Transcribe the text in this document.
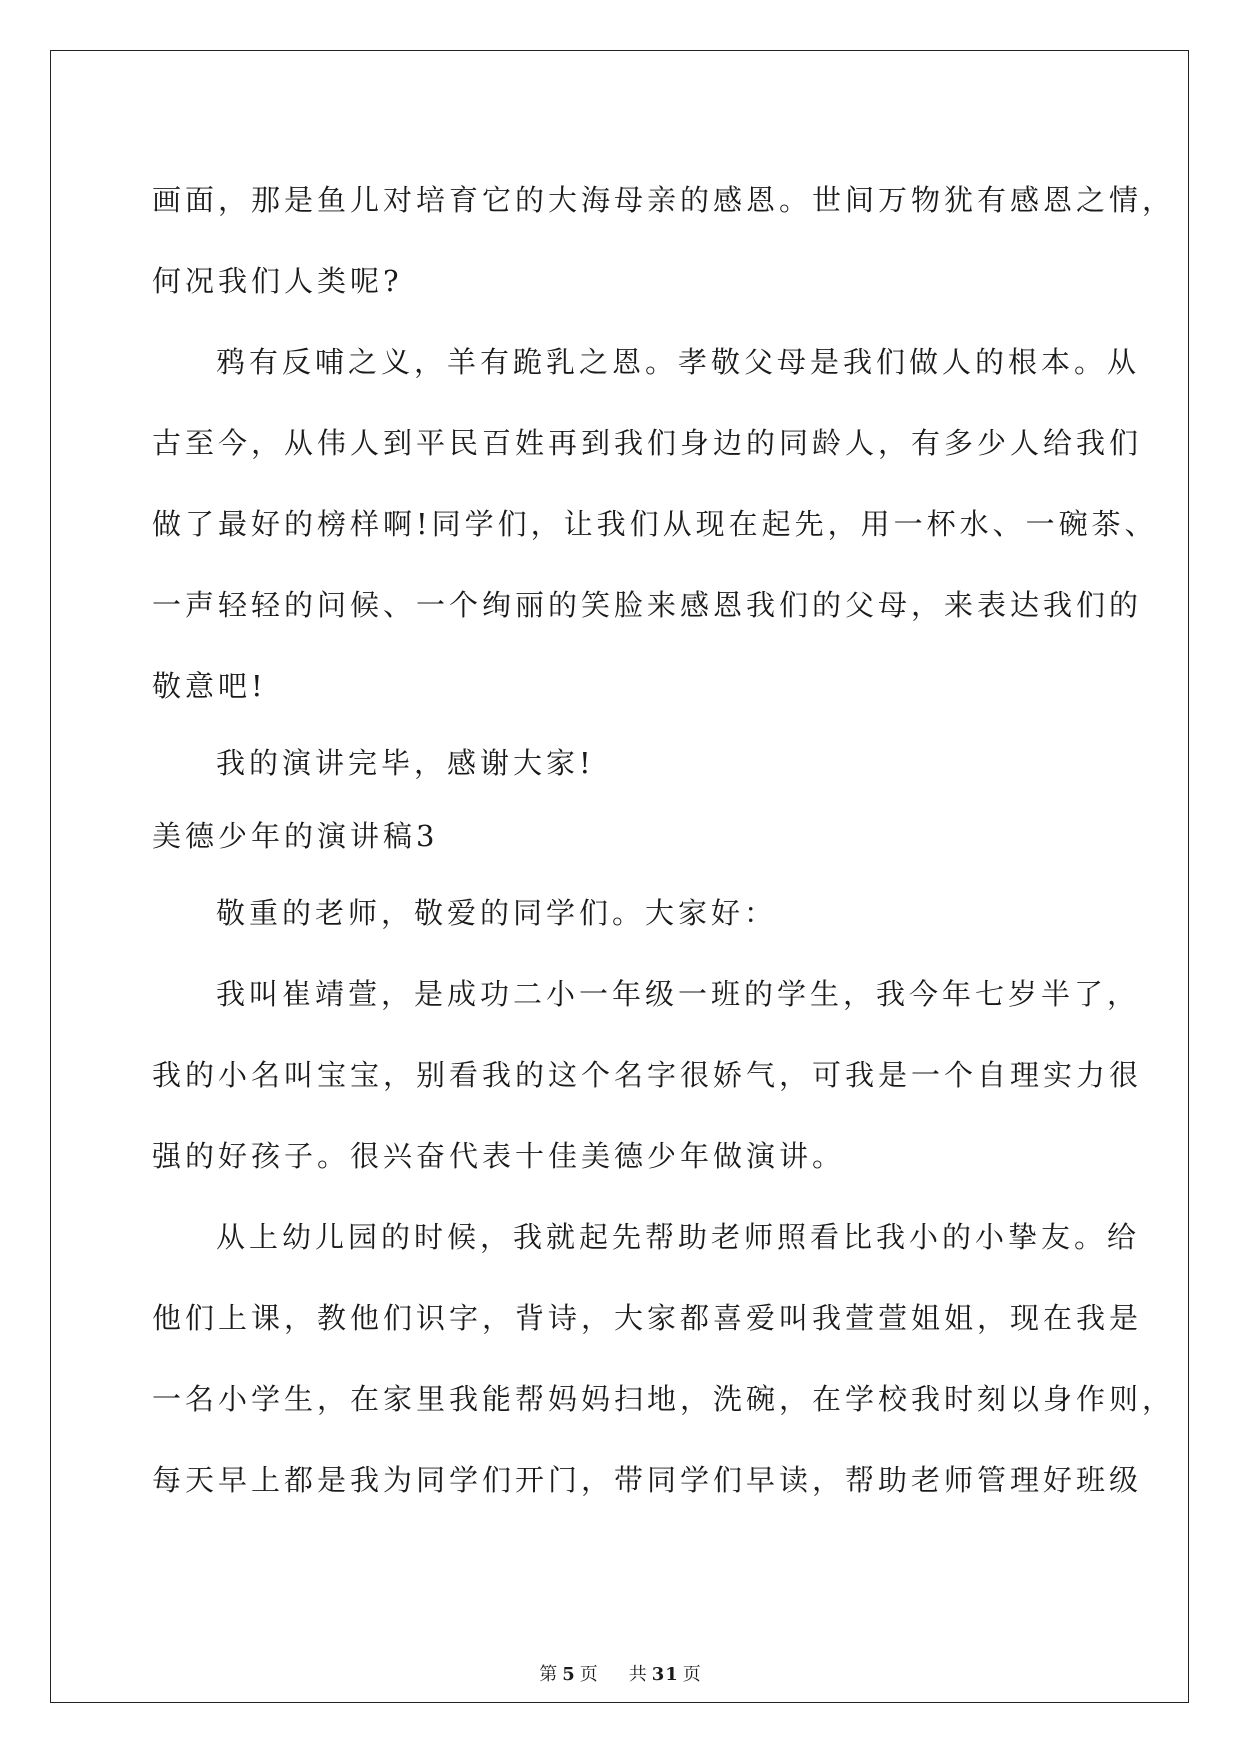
画面，那是鱼儿对培育它的大海母亲的感恩。世间万物犹有感恩之情，
何况我们人类呢?
鸦有反哺之义，羊有跪乳之恩。孝敬父母是我们做人的根本。从
古至今，从伟人到平民百姓再到我们身边的同龄人，有多少人给我们
做了最好的榜样啊!同学们，让我们从现在起先，用一杯水、一碗茶、
一声轻轻的问候、一个绚丽的笑脸来感恩我们的父母，来表达我们的
敬意吧!
我的演讲完毕，感谢大家!
美德少年的演讲稿3
敬重的老师，敬爱的同学们。大家好：
我叫崔靖萱，是成功二小一年级一班的学生，我今年七岁半了，
我的小名叫宝宝，别看我的这个名字很娇气，可我是一个自理实力很
强的好孩子。很兴奋代表十佳美德少年做演讲。
从上幼儿园的时候，我就起先帮助老师照看比我小的小挚友。给
他们上课，教他们识字，背诗，大家都喜爱叫我萱萱姐姐，现在我是
一名小学生，在家里我能帮妈妈扫地，洗碗，在学校我时刻以身作则，
每天早上都是我为同学们开门，带同学们早读，帮助老师管理好班级
第 5 页 共 31 页
